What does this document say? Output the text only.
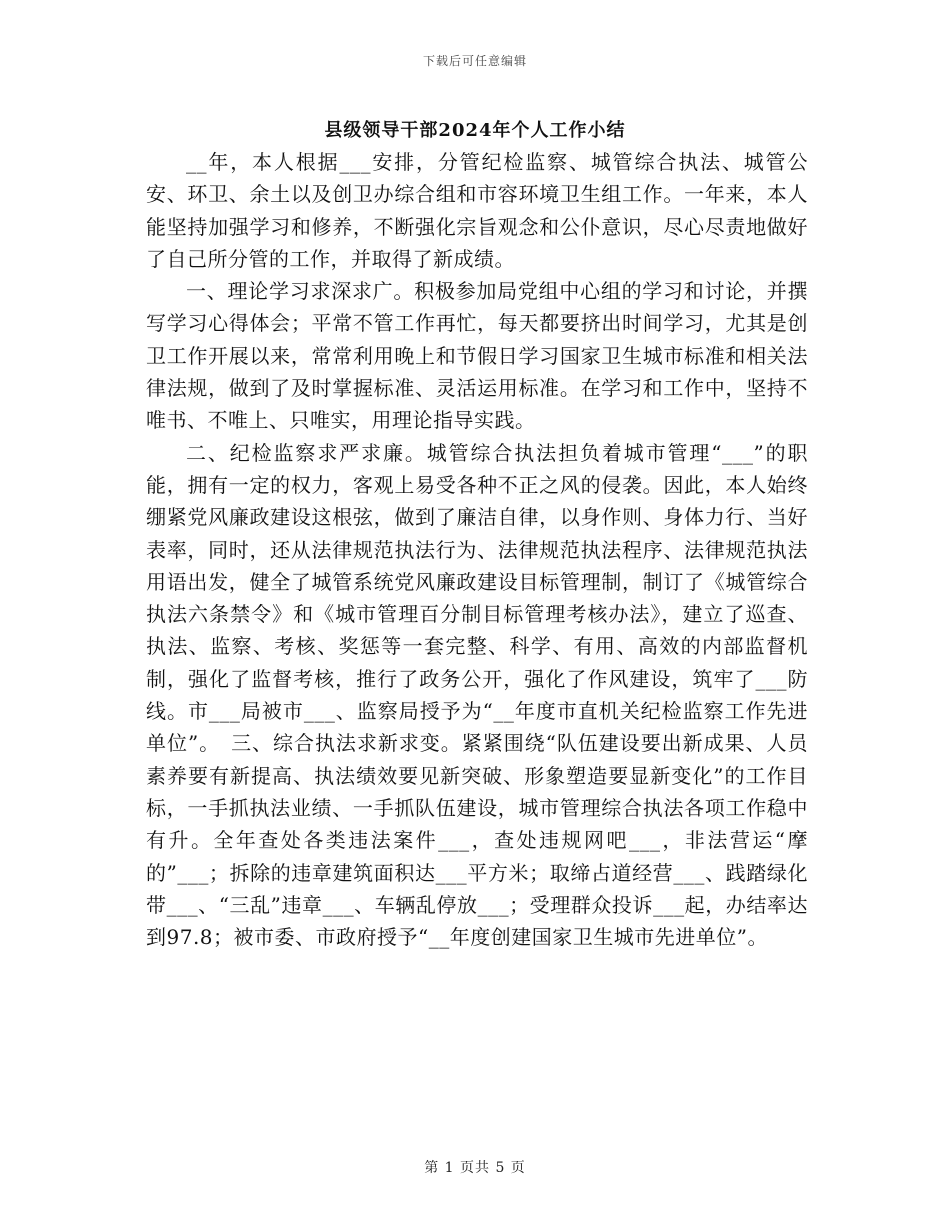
下载后可任意编辑
县级领导干部2024年个人工作小结

__年，本人根据___安排，分管纪检监察、城管综合执法、城管公安、环卫、余土以及创卫办综合组和市容环境卫生组工作。一年来，本人能坚持加强学习和修养，不断强化宗旨观念和公仆意识，尽心尽责地做好了自己所分管的工作，并取得了新成绩。

一、理论学习求深求广。积极参加局党组中心组的学习和讨论，并撰写学习心得体会；平常不管工作再忙，每天都要挤出时间学习，尤其是创卫工作开展以来，常常利用晚上和节假日学习国家卫生城市标准和相关法律法规，做到了及时掌握标准、灵活运用标准。在学习和工作中，坚持不唯书、不唯上、只唯实，用理论指导实践。

二、纪检监察求严求廉。城管综合执法担负着城市管理“___”的职能，拥有一定的权力，客观上易受各种不正之风的侵袭。因此，本人始终绷紧党风廉政建设这根弦，做到了廉洁自律，以身作则、身体力行、当好表率，同时，还从法律规范执法行为、法律规范执法程序、法律规范执法用语出发，健全了城管系统党风廉政建设目标管理制，制订了《城管综合执法六条禁令》和《城市管理百分制目标管理考核办法》，建立了巡查、执法、监察、考核、奖惩等一套完整、科学、有用、高效的内部监督机制，强化了监督考核，推行了政务公开，强化了作风建设，筑牢了___防线。市___局被市___、监察局授予为“__年度市直机关纪检监察工作先进单位”。　三、综合执法求新求变。紧紧围绕“队伍建设要出新成果、人员素养要有新提高、执法绩效要见新突破、形象塑造要显新变化”的工作目标，一手抓执法业绩、一手抓队伍建设，城市管理综合执法各项工作稳中有升。全年查处各类违法案件___，查处违规网吧___，非法营运“摩的”___；拆除的违章建筑面积达___平方米；取缔占道经营___、践踏绿化带___、“三乱”违章___、车辆乱停放___；受理群众投诉___起，办结率达到97.8；被市委、市政府授予“__年度创建国家卫生城市先进单位”。

第 1 页共 5 页
